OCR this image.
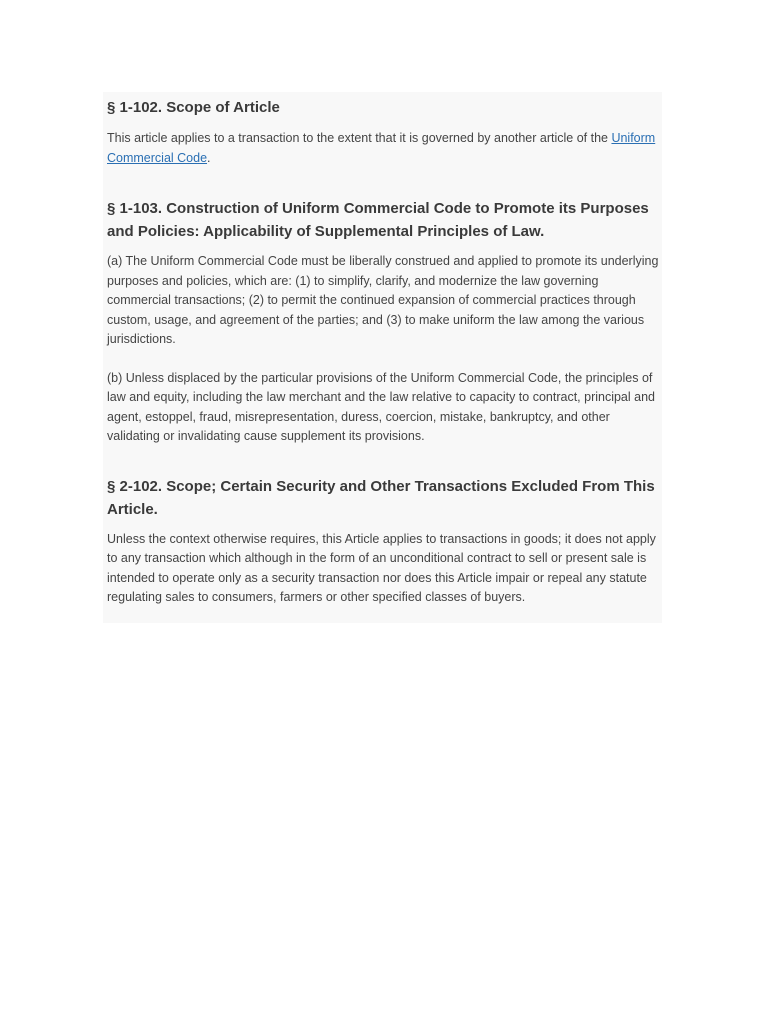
§ 1-102. Scope of Article

This article applies to a transaction to the extent that it is governed by another article of the Uniform Commercial Code.

§ 1-103. Construction of Uniform Commercial Code to Promote its Purposes and Policies: Applicability of Supplemental Principles of Law.

(a) The Uniform Commercial Code must be liberally construed and applied to promote its underlying purposes and policies, which are: (1) to simplify, clarify, and modernize the law governing commercial transactions; (2) to permit the continued expansion of commercial practices through custom, usage, and agreement of the parties; and (3) to make uniform the law among the various jurisdictions.

(b) Unless displaced by the particular provisions of the Uniform Commercial Code, the principles of law and equity, including the law merchant and the law relative to capacity to contract, principal and agent, estoppel, fraud, misrepresentation, duress, coercion, mistake, bankruptcy, and other validating or invalidating cause supplement its provisions.

§ 2-102. Scope; Certain Security and Other Transactions Excluded From This Article.

Unless the context otherwise requires, this Article applies to transactions in goods; it does not apply to any transaction which although in the form of an unconditional contract to sell or present sale is intended to operate only as a security transaction nor does this Article impair or repeal any statute regulating sales to consumers, farmers or other specified classes of buyers.
